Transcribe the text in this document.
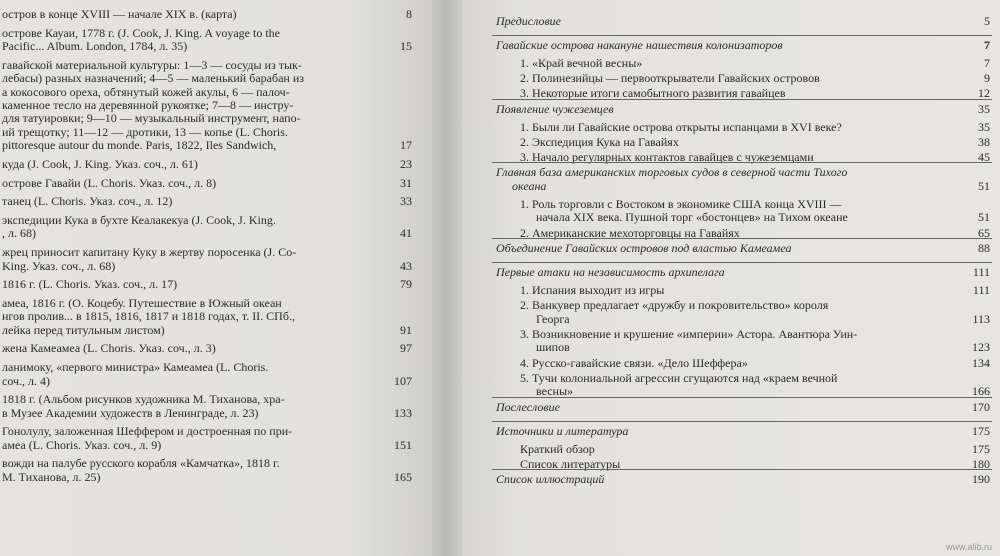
остров в конце XVIII — начале XIX в. (карта)	8
острове Кауаи, 1778 г. (J. Cook, J. King. A voyage to the
Pacific... Album. London, 1784, л. 35)	15
гавайской материальной культуры: 1—3 — сосуды из тык-
лебасы) разных назначений; 4—5 — маленький барабан из
а кокосового ореха, обтянутый кожей акулы, 6 — палоч-
каменное тесло на деревянной рукоятке; 7—8 — инстру-
для татуировки; 9—10 — музыкальный инструмент, напо-
ий трещотку; 11—12 — дротики, 13 — копье (L. Choris.
pittoresque autour du monde. Paris, 1822, Iles Sandwich,	17
куда (J. Cook, J. King. Указ. соч., л. 61)	23
острове Гавайи (L. Choris. Указ. соч., л. 8)	31
танец (L. Choris. Указ. соч., л. 12)	33
экспедиции Кука в бухте Кеалакекуа (J. Cook, J. King.
, л. 68)	41
жрец приносит капитану Куку в жертву поросенка (J. Co-
King. Указ. соч., л. 68)	43
1816 г. (L. Choris. Указ. соч., л. 17)	79
амеа, 1816 г. (О. Коцебу. Путешествие в Южный океан
нгов пролив... в 1815, 1816, 1817 и 1818 годах, т. II. СПб.,
лейка перед титульным листом)	91
жена Камеамеа (L. Choris. Указ. соч., л. 3)	97
ланимоку, «первого министра» Камеамеа (L. Choris.
соч., л. 4)	107
1818 г. (Альбом рисунков художника М. Тиханова, хра-
в Музее Академии художеств в Ленинграде, л. 23)	133
Гонолулу, заложенная Шеффером и достроенная по при-
амеа (L. Choris. Указ. соч., л. 9)	151
вожди на палубе русского корабля «Камчатка», 1818 г.
М. Тиханова, л. 25)	165
Предисловие	5
Гавайские острова накануне нашествия колонизаторов	7
1. «Край вечной весны»	7
2. Полинезийцы — первооткрыватели Гавайских островов	9
3. Некоторые итоги самобытного развития гавайцев	12
Появление чужеземцев	35
1. Были ли Гавайские острова открыты испанцами в XVI веке?	35
2. Экспедиция Кука на Гавайях	38
3. Начало регулярных контактов гавайцев с чужеземцами	45
Главная база американских торговых судов в северной части Тихого
океана	51
1. Роль торговли с Востоком в экономике США конца XVIII —
начала XIX века. Пушной торг «бостонцев» на Тихом океане	51
2. Американские мехоторговцы на Гавайях	65
Объединение Гавайских островов под властью Камеамеа	88
Первые атаки на независимость архипелага	111
1. Испания выходит из игры	111
2. Ванкувер предлагает «дружбу и покровительство» короля
Георга	113
3. Возникновение и крушение «империи» Астора. Авантюра Уин-
шипов	123
4. Русско-гавайские связи. «Дело Шеффера»	134
5. Тучи колониальной агрессии сгущаются над «краем вечной
весны»	166
Послесловие	170
Источники и литература	175
Краткий обзор	175
Список литературы	180
Список иллюстраций	190
www.alib.ru
